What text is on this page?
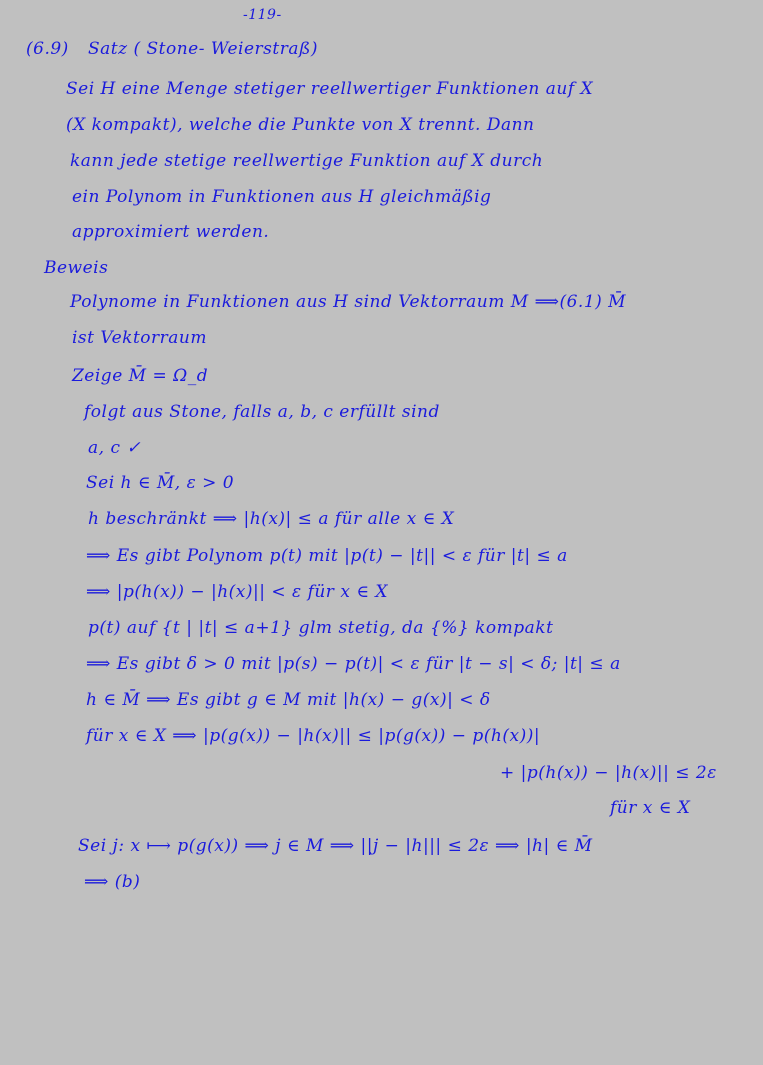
-119-
(6.9) Satz ( Stone- Weierstraß)
Sei H eine Menge stetiger reellwertiger Funktionen auf X
(X kompakt), welche die Punkte von X trennt. Dann
kann jede stetige reellwertige Funktion auf X durch
ein Polynom in Funktionen aus H gleichmäßig
approximiert werden.
Beweis
Polynome in Funktionen aus H sind Vektorraum M ⟹(6.1) M̄
ist Vektorraum
Zeige M̄ = Ω_d
folgt aus Stone, falls a, b, c erfüllt sind
a, c ✓
Sei h ∈ M̄, ε > 0
h beschränkt ⟹ |h(x)| ≤ a für alle x ∈ X
⟹ Es gibt Polynom p(t) mit |p(t) − |t|| < ε für |t| ≤ a
⟹ |p(h(x)) − |h(x)|| < ε für x ∈ X
p(t) auf {t | |t| ≤ a+1} glm stetig, da {%} kompakt
⟹ Es gibt δ > 0 mit |p(s) − p(t)| < ε für |t − s| < δ; |t| ≤ a
h ∈ M̄ ⟹ Es gibt g ∈ M mit |h(x) − g(x)| < δ
für x ∈ X ⟹ |p(g(x)) − |h(x)|| ≤ |p(g(x)) − p(h(x))|
+ |p(h(x)) − |h(x)|| ≤ 2ε
für x ∈ X
Sei j: x ⟼ p(g(x)) ⟹ j ∈ M ⟹ ||j − |h||| ≤ 2ε ⟹ |h| ∈ M̄
⟹ (b)
